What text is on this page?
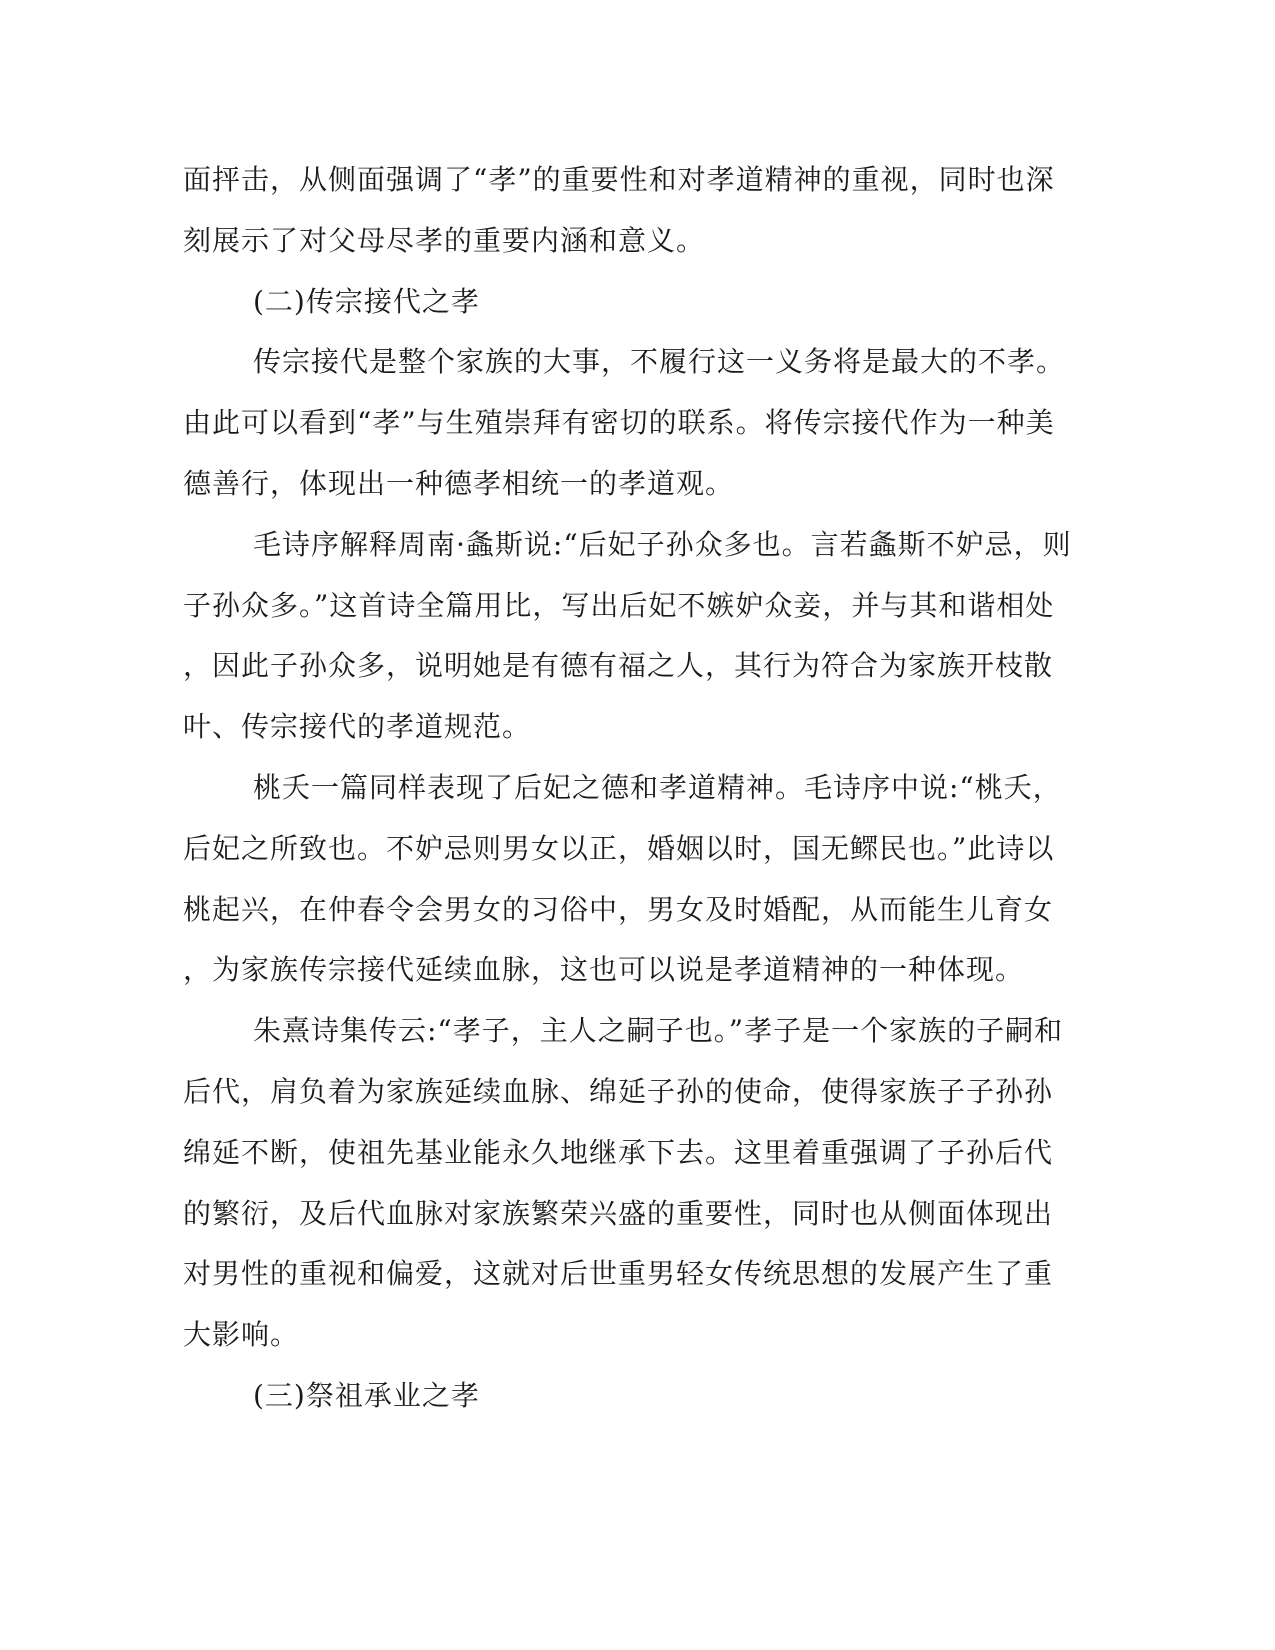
面抨击，从侧面强调了“孝”的重要性和对孝道精神的重视，同时也深
刻展示了对父母尽孝的重要内涵和意义。
(二)传宗接代之孝
传宗接代是整个家族的大事，不履行这一义务将是最大的不孝。
由此可以看到“孝”与生殖崇拜有密切的联系。将传宗接代作为一种美
德善行，体现出一种德孝相统一的孝道观。
毛诗序解释周南·螽斯说:“后妃子孙众多也。言若螽斯不妒忌，则
子孙众多。”这首诗全篇用比，写出后妃不嫉妒众妾，并与其和谐相处
，因此子孙众多，说明她是有德有福之人，其行为符合为家族开枝散
叶、传宗接代的孝道规范。
桃夭一篇同样表现了后妃之德和孝道精神。毛诗序中说:“桃夭，
后妃之所致也。不妒忌则男女以正，婚姻以时，国无鳏民也。”此诗以
桃起兴，在仲春令会男女的习俗中，男女及时婚配，从而能生儿育女
，为家族传宗接代延续血脉，这也可以说是孝道精神的一种体现。
朱熹诗集传云:“孝子，主人之嗣子也。”孝子是一个家族的子嗣和
后代，肩负着为家族延续血脉、绵延子孙的使命，使得家族子子孙孙
绵延不断，使祖先基业能永久地继承下去。这里着重强调了子孙后代
的繁衍，及后代血脉对家族繁荣兴盛的重要性，同时也从侧面体现出
对男性的重视和偏爱，这就对后世重男轻女传统思想的发展产生了重
大影响。
(三)祭祖承业之孝
